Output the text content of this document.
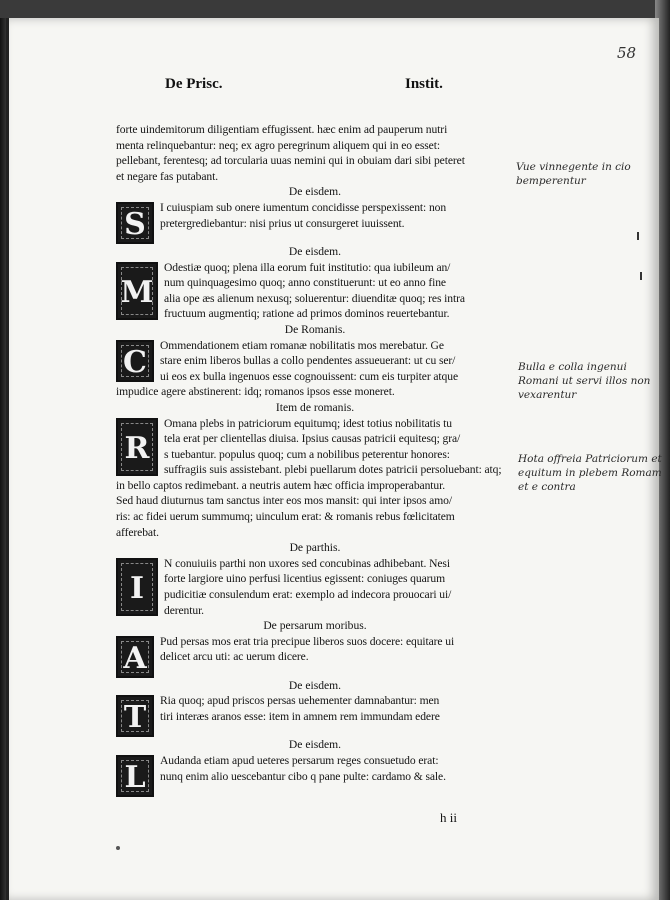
58
De Prisc.	Instit.
forte uindemitorum diligentiam effugissent. hæc enim ad pauperum nutri
menta relinquebantur: neq; ex agro peregrinum aliquem qui in eo esset:
pellebant, ferentesq; ad torcularia uuas nemini qui in obuiam dari sibi peteret
et negare fas putabant.
De eisdem.
S	I cuiuspiam sub onere iumentum concidisse perspexissent: non
pretergrediebantur: nisi prius ut consurgeret iuuissent.
De eisdem.
M
Odestiæ quoq; plena illa eorum fuit institutio: qua iubileum an/
num quinquagesimo quoq; anno constituerunt: ut eo anno fine
alia ope æs alienum nexusq; soluerentur: diuenditæ quoq; res intra
fructuum augmentiq; ratione ad primos dominos reuertebantur.
De Romanis.
C	Ommendationem etiam romanæ nobilitatis mos merebatur. Ge
stare enim liberos bullas a collo pendentes assueuerant: ut cu ser/
ui eos ex bulla ingenuos esse cognouissent: cum eis turpiter atque
impudice agere abstinerent: idq; romanos ipsos esse moneret.
Item de romanis.
R
Omana plebs in patriciorum equitumq; idest totius nobilitatis tu
tela erat per clientellas diuisa. Ipsius causas patricii equitesq; gra/
s tuebantur. populus quoq; cum a nobilibus peterentur honores:
suffragiis suis assistebant. plebi puellarum dotes patricii persoluebant: atq;
in bello captos redimebant. a neutris autem hæc officia improperabantur.
Sed haud diuturnus tam sanctus inter eos mos mansit: qui inter ipsos amo/
ris: ac fidei uerum summumq; uinculum erat: & romanis rebus fœlicitatem
afferebat.
De parthis.
I
N conuiuiis parthi non uxores sed concubinas adhibebant. Nesi
forte largiore uino perfusi licentius egissent: coniuges quarum
pudicitiæ consulendum erat: exemplo ad indecora prouocari ui/
derentur.
De persarum moribus.
A	Pud persas mos erat tria precipue liberos suos docere: equitare ui
delicet arcu uti: ac uerum dicere.
De eisdem.
T	Ria quoq; apud priscos persas uehementer damnabantur: men
tiri interæs aranos esse: item in amnem rem immundam edere
De eisdem.
L	Audanda etiam apud ueteres persarum reges consuetudo erat:
nunq enim alio uescebantur cibo q pane pulte: cardamo & sale.
h ii
Vue vinnegente in cio bemperentur
Bulla e colla ingenui Romani ut servi illos non vexarentur
Hota offreia Patriciorum et equitum in plebem Romam et e contra
